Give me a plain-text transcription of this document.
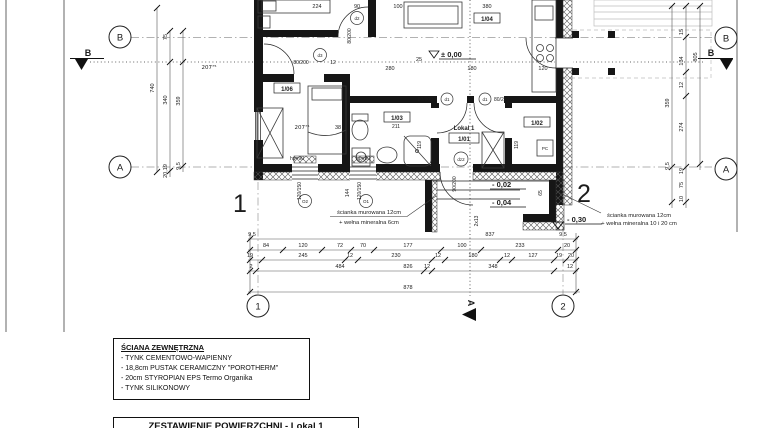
B
A
B
A
1	2
B	B
A
1	2
Lokal 1
1/01
1/06
1/03
1/04
1/02
PC
± 0,00
- 0,02
- 0,04
- 0,30
d2
d3
d1	d1
dz2
O1
O2
80/200
80/200	12
80/200	80/200
90/200
120/150	120/150
224	90	100	380
280
25
180	120
207⁷⁵
207⁷⁵	38	211
119	119
144	65
2x13
hp=90	hp=90
ścianka murowana 12cm
+ wełna mineralna 6cm
ścianka murowana 12cm
+ wełna mineralna 10 i 20 cm
9,5	837	9,5
84	120	72	70	177	100	233	20
19	245	12	230	12	180	12	127	19 20
2	484	826 12	348	12
878
740
75
340
20,19
359
9,5
15
805
134
12
359
274
9,5
19
75
10
ŚCIANA ZEWNĘTRZNA
- TYNK CEMENTOWO-WAPIENNY
- 18,8cm PUSTAK CERAMICZNY "POROTHERM"
- 20cm STYROPIAN EPS Termo Organika
- TYNK SILIKONOWY
ZESTAWIENIE POWIERZCHNI - Lokal 1
